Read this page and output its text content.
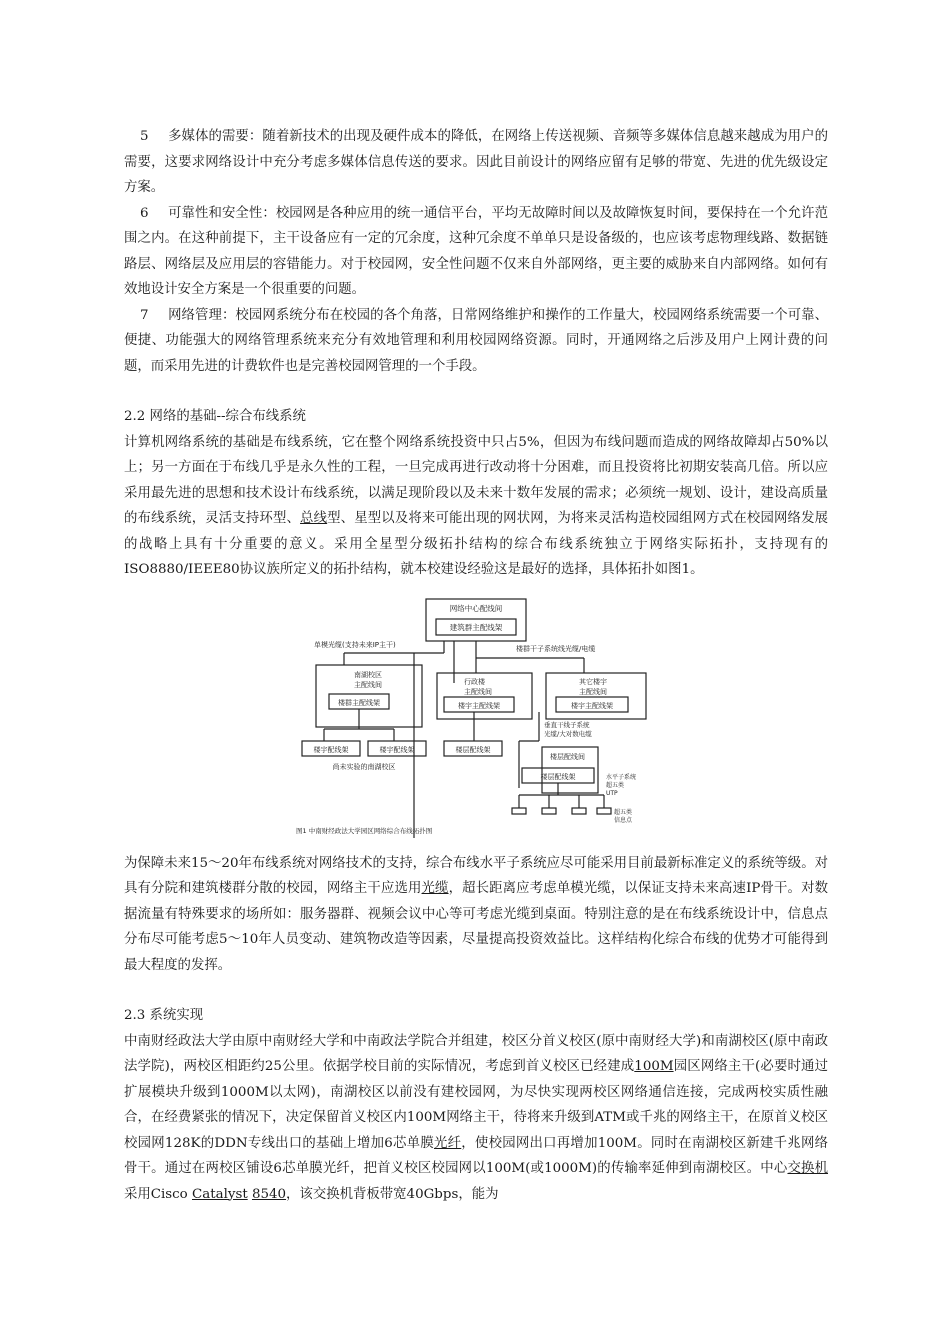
5 多媒体的需要：随着新技术的出现及硬件成本的降低，在网络上传送视频、音频等多媒体信息越来越成为用户的需要，这要求网络设计中充分考虑多媒体信息传送的要求。因此目前设计的网络应留有足够的带宽、先进的优先级设定方案。

6 可靠性和安全性：校园网是各种应用的统一通信平台，平均无故障时间以及故障恢复时间，要保持在一个允许范围之内。在这种前提下，主干设备应有一定的冗余度，这种冗余度不单单只是设备级的，也应该考虑物理线路、数据链路层、网络层及应用层的容错能力。对于校园网，安全性问题不仅来自外部网络，更主要的威胁来自内部网络。如何有效地设计安全方案是一个很重要的问题。

7 网络管理：校园网系统分布在校园的各个角落，日常网络维护和操作的工作量大，校园网络系统需要一个可靠、便捷、功能强大的网络管理系统来充分有效地管理和利用校园网络资源。同时，开通网络之后涉及用户上网计费的问题，而采用先进的计费软件也是完善校园网管理的一个手段。

2.2 网络的基础--综合布线系统

计算机网络系统的基础是布线系统，它在整个网络系统投资中只占5%，但因为布线问题而造成的网络故障却占50%以上；另一方面在于布线几乎是永久性的工程，一旦完成再进行改动将十分困难，而且投资将比初期安装高几倍。所以应采用最先进的思想和技术设计布线系统，以满足现阶段以及未来十数年发展的需求；必须统一规划、设计，建设高质量的布线系统，灵活支持环型、总线型、星型以及将来可能出现的网状网，为将来灵活构造校园组网方式在校园网络发展的战略上具有十分重要的意义。采用全星型分级拓扑结构的综合布线系统独立于网络实际拓扑，支持现有的ISO8880/IEEE80协议族所定义的拓扑结构，就本校建设经验这是最好的选择，具体拓扑如图1。

网络中心配线间
建筑群主配线架
单模光缆(支持未来IP主干)	楼群干子系统线光缆/电缆
南湖校区
主配线间
楼群主配线架
楼宇配线架	楼宇配线架
尚未实验的南湖校区
行政楼
主配线间
楼宇主配线架
楼层配线架
其它楼宇
主配线间
楼宇主配线架
垂直干线子系统
光缆/大对数电缆
楼层配线间
楼层配线架	水平子系统
超五类
UTP
超五类
信息点
图1 中南财经政法大学园区网络综合布线拓扑图

为保障未来15～20年布线系统对网络技术的支持，综合布线水平子系统应尽可能采用目前最新标准定义的系统等级。对具有分院和建筑楼群分散的校园，网络主干应选用光缆，超长距离应考虑单模光缆，以保证支持未来高速IP骨干。对数据流量有特殊要求的场所如：服务器群、视频会议中心等可考虑光缆到桌面。特别注意的是在布线系统设计中，信息点分布尽可能考虑5～10年人员变动、建筑物改造等因素，尽量提高投资效益比。这样结构化综合布线的优势才可能得到最大程度的发挥。

2.3 系统实现

中南财经政法大学由原中南财经大学和中南政法学院合并组建，校区分首义校区(原中南财经大学)和南湖校区(原中南政法学院)，两校区相距约25公里。依据学校目前的实际情况，考虑到首义校区已经建成100M园区网络主干(必要时通过扩展模块升级到1000M以太网)，南湖校区以前没有建校园网，为尽快实现两校区网络通信连接，完成两校实质性融合，在经费紧张的情况下，决定保留首义校区内100M网络主干，待将来升级到ATM或千兆的网络主干，在原首义校区校园网128K的DDN专线出口的基础上增加6芯单膜光纤，使校园网出口再增加100M。同时在南湖校区新建千兆网络骨干。通过在两校区铺设6芯单膜光纤，把首义校区校园网以100M(或1000M)的传输率延伸到南湖校区。中心交换机采用Cisco Catalyst 8540，该交换机背板带宽40Gbps，能为
